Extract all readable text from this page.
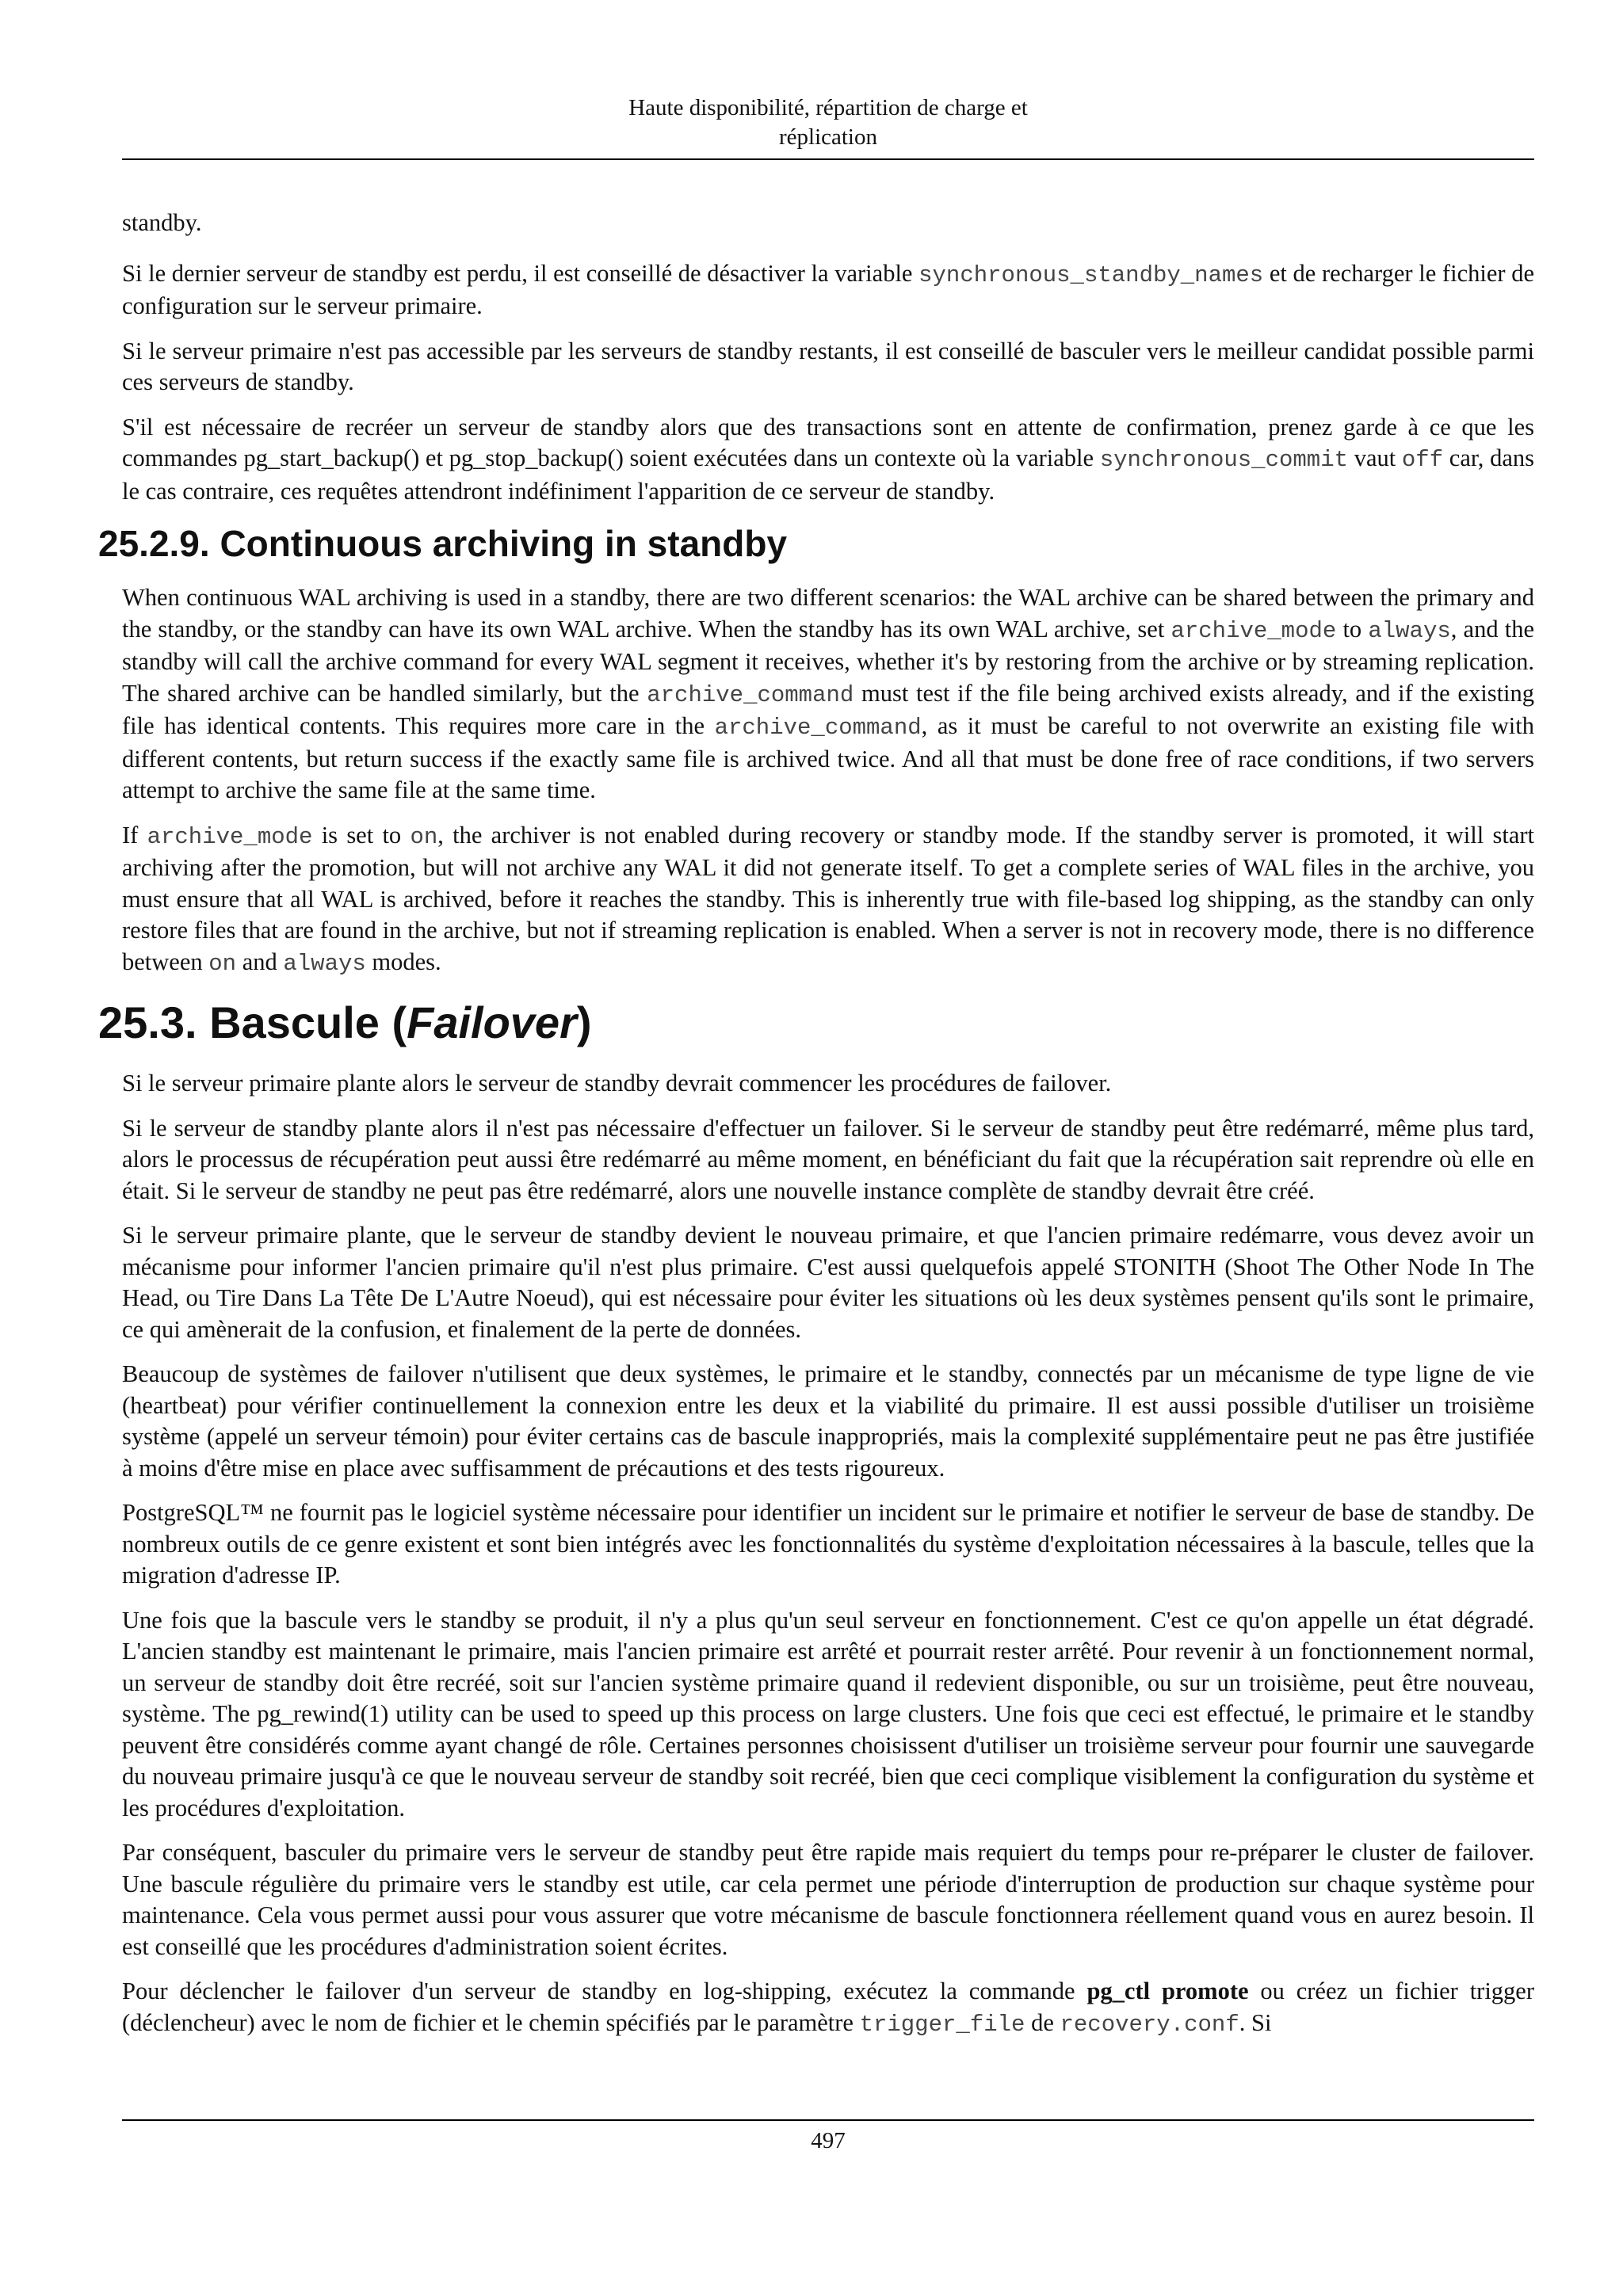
Haute disponibilité, répartition de charge et
réplication

standby.

Si le dernier serveur de standby est perdu, il est conseillé de désactiver la variable synchronous_standby_names et de recharger le fichier de configuration sur le serveur primaire.

Si le serveur primaire n'est pas accessible par les serveurs de standby restants, il est conseillé de basculer vers le meilleur candidat possible parmi ces serveurs de standby.

S'il est nécessaire de recréer un serveur de standby alors que des transactions sont en attente de confirmation, prenez garde à ce que les commandes pg_start_backup() et pg_stop_backup() soient exécutées dans un contexte où la variable synchronous_commit vaut off car, dans le cas contraire, ces requêtes attendront indéfiniment l'apparition de ce serveur de standby.

25.2.9. Continuous archiving in standby

When continuous WAL archiving is used in a standby, there are two different scenarios: the WAL archive can be shared between the primary and the standby, or the standby can have its own WAL archive. When the standby has its own WAL archive, set archive_mode to always, and the standby will call the archive command for every WAL segment it receives, whether it's by restoring from the archive or by streaming replication. The shared archive can be handled similarly, but the archive_command must test if the file being archived exists already, and if the existing file has identical contents. This requires more care in the archive_command, as it must be careful to not overwrite an existing file with different contents, but return success if the exactly same file is archived twice. And all that must be done free of race conditions, if two servers attempt to archive the same file at the same time.

If archive_mode is set to on, the archiver is not enabled during recovery or standby mode. If the standby server is promoted, it will start archiving after the promotion, but will not archive any WAL it did not generate itself. To get a complete series of WAL files in the archive, you must ensure that all WAL is archived, before it reaches the standby. This is inherently true with file-based log shipping, as the standby can only restore files that are found in the archive, but not if streaming replication is enabled. When a server is not in recovery mode, there is no difference between on and always modes.

25.3. Bascule (Failover)

Si le serveur primaire plante alors le serveur de standby devrait commencer les procédures de failover.

Si le serveur de standby plante alors il n'est pas nécessaire d'effectuer un failover. Si le serveur de standby peut être redémarré, même plus tard, alors le processus de récupération peut aussi être redémarré au même moment, en bénéficiant du fait que la récupération sait reprendre où elle en était. Si le serveur de standby ne peut pas être redémarré, alors une nouvelle instance complète de standby devrait être créé.

Si le serveur primaire plante, que le serveur de standby devient le nouveau primaire, et que l'ancien primaire redémarre, vous devez avoir un mécanisme pour informer l'ancien primaire qu'il n'est plus primaire. C'est aussi quelquefois appelé STONITH (Shoot The Other Node In The Head, ou Tire Dans La Tête De L'Autre Noeud), qui est nécessaire pour éviter les situations où les deux systèmes pensent qu'ils sont le primaire, ce qui amènerait de la confusion, et finalement de la perte de données.

Beaucoup de systèmes de failover n'utilisent que deux systèmes, le primaire et le standby, connectés par un mécanisme de type ligne de vie (heartbeat) pour vérifier continuellement la connexion entre les deux et la viabilité du primaire. Il est aussi possible d'utiliser un troisième système (appelé un serveur témoin) pour éviter certains cas de bascule inappropriés, mais la complexité supplémentaire peut ne pas être justifiée à moins d'être mise en place avec suffisamment de précautions et des tests rigoureux.

PostgreSQL™ ne fournit pas le logiciel système nécessaire pour identifier un incident sur le primaire et notifier le serveur de base de standby. De nombreux outils de ce genre existent et sont bien intégrés avec les fonctionnalités du système d'exploitation nécessaires à la bascule, telles que la migration d'adresse IP.

Une fois que la bascule vers le standby se produit, il n'y a plus qu'un seul serveur en fonctionnement. C'est ce qu'on appelle un état dégradé. L'ancien standby est maintenant le primaire, mais l'ancien primaire est arrêté et pourrait rester arrêté. Pour revenir à un fonctionnement normal, un serveur de standby doit être recréé, soit sur l'ancien système primaire quand il redevient disponible, ou sur un troisième, peut être nouveau, système. The pg_rewind(1) utility can be used to speed up this process on large clusters. Une fois que ceci est effectué, le primaire et le standby peuvent être considérés comme ayant changé de rôle. Certaines personnes choisissent d'utiliser un troisième serveur pour fournir une sauvegarde du nouveau primaire jusqu'à ce que le nouveau serveur de standby soit recréé, bien que ceci complique visiblement la configuration du système et les procédures d'exploitation.

Par conséquent, basculer du primaire vers le serveur de standby peut être rapide mais requiert du temps pour re-préparer le cluster de failover. Une bascule régulière du primaire vers le standby est utile, car cela permet une période d'interruption de production sur chaque système pour maintenance. Cela vous permet aussi pour vous assurer que votre mécanisme de bascule fonctionnera réellement quand vous en aurez besoin. Il est conseillé que les procédures d'administration soient écrites.

Pour déclencher le failover d'un serveur de standby en log-shipping, exécutez la commande pg_ctl promote ou créez un fichier trigger (déclencheur) avec le nom de fichier et le chemin spécifiés par le paramètre trigger_file de recovery.conf. Si

497
